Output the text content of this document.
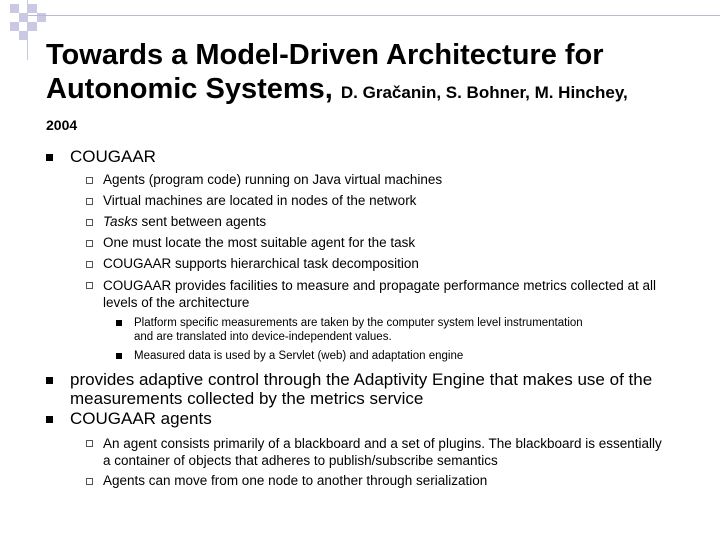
Towards a Model-Driven Architecture for
Autonomic Systems, D. Gračanin, S. Bohner, M. Hinchey,
2004
COUGAAR
Agents (program code) running on Java virtual machines
Virtual machines are located in nodes of the network
Tasks sent between agents
One must locate the most suitable agent for the task
COUGAAR supports hierarchical task decomposition
COUGAAR provides facilities to measure and propagate performance metrics collected at all levels of the architecture
Platform specific measurements are taken by the computer system level instrumentation and are translated into device-independent values.
Measured data is used by a Servlet (web) and adaptation engine
provides adaptive control through the Adaptivity Engine that makes use of the measurements collected by the metrics service
COUGAAR agents
An agent consists primarily of a blackboard and a set of plugins. The blackboard is essentially a container of objects that adheres to publish/subscribe semantics
Agents can move from one node to another through serialization
